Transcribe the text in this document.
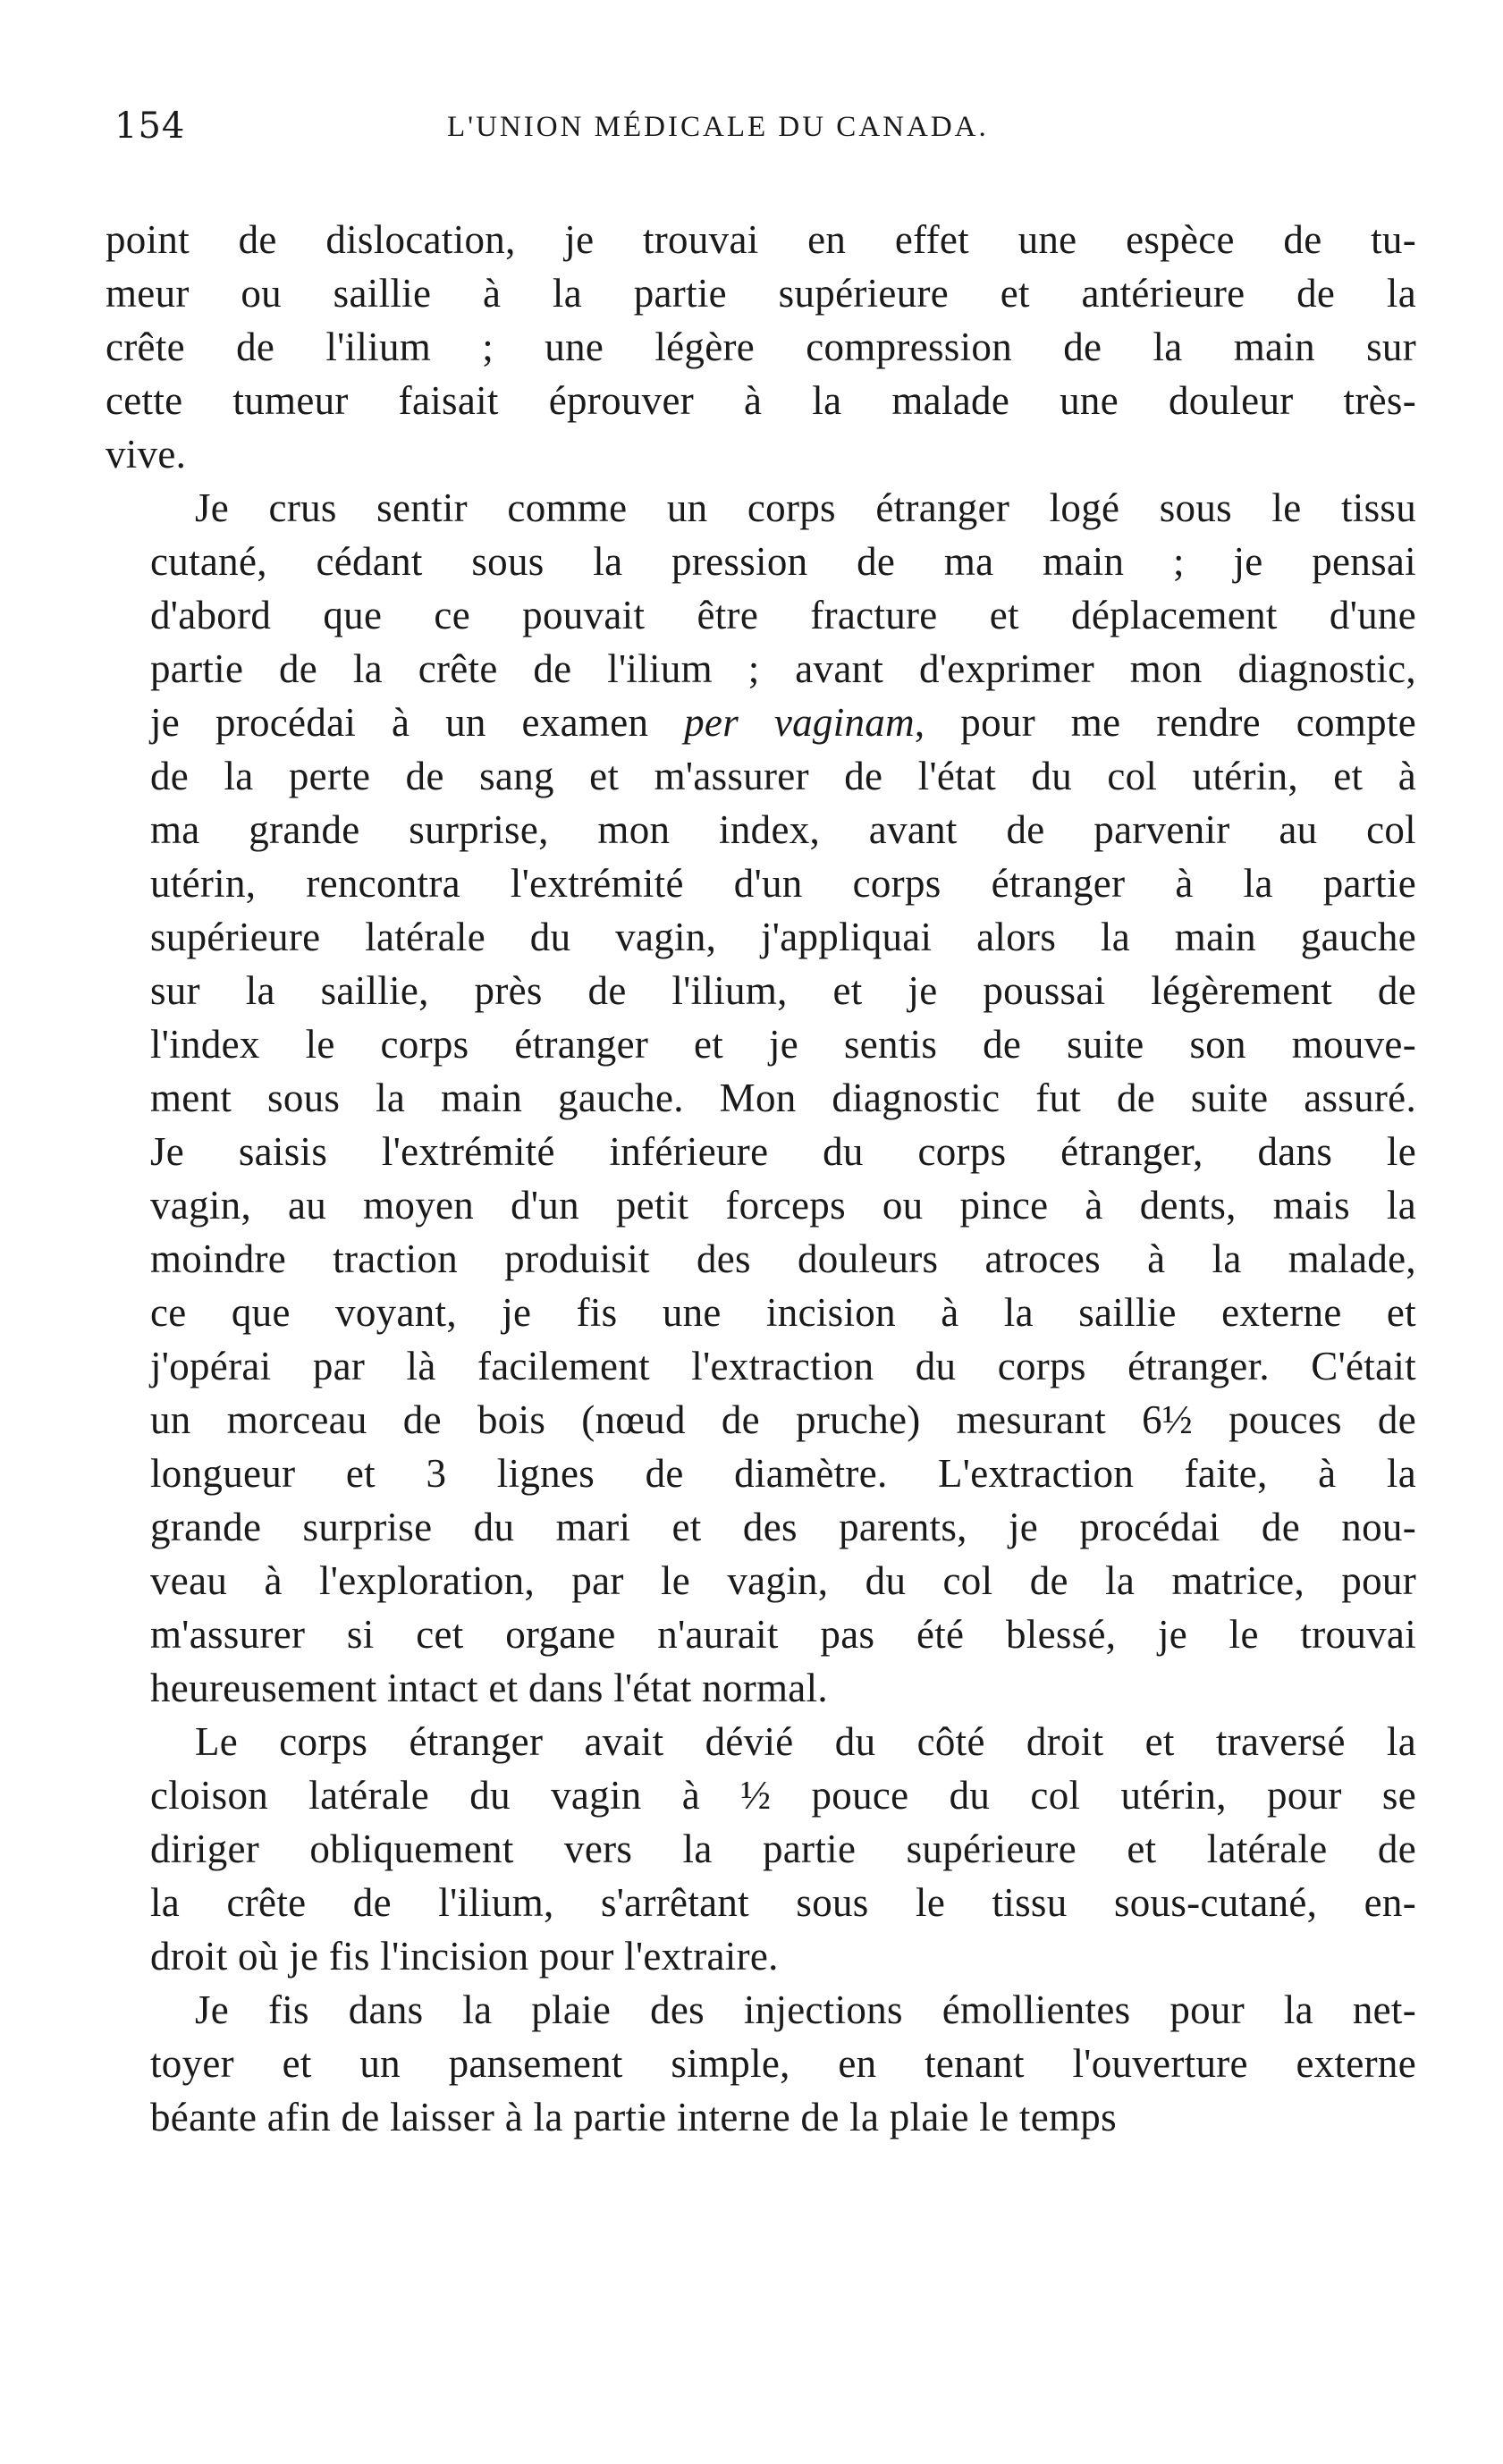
154	L'UNION MÉDICALE DU CANADA.
point de dislocation, je trouvai en effet une espèce de tu-
meur ou saillie à la partie supérieure et antérieure de la
crête de l'ilium ; une légère compression de la main sur
cette tumeur faisait éprouver à la malade une douleur très-
vive.
Je crus sentir comme un corps étranger logé sous le tissu
cutané, cédant sous la pression de ma main ; je pensai
d'abord que ce pouvait être fracture et déplacement d'une
partie de la crête de l'ilium ; avant d'exprimer mon diagnostic,
je procédai à un examen per vaginam, pour me rendre compte
de la perte de sang et m'assurer de l'état du col utérin, et à
ma grande surprise, mon index, avant de parvenir au col
utérin, rencontra l'extrémité d'un corps étranger à la partie
supérieure latérale du vagin, j'appliquai alors la main gauche
sur la saillie, près de l'ilium, et je poussai légèrement de
l'index le corps étranger et je sentis de suite son mouve-
ment sous la main gauche. Mon diagnostic fut de suite assuré.
Je saisis l'extrémité inférieure du corps étranger, dans le
vagin, au moyen d'un petit forceps ou pince à dents, mais la
moindre traction produisit des douleurs atroces à la malade,
ce que voyant, je fis une incision à la saillie externe et
j'opérai par là facilement l'extraction du corps étranger. C'était
un morceau de bois (nœud de pruche) mesurant 6½ pouces de
longueur et 3 lignes de diamètre. L'extraction faite, à la
grande surprise du mari et des parents, je procédai de nou-
veau à l'exploration, par le vagin, du col de la matrice, pour
m'assurer si cet organe n'aurait pas été blessé, je le trouvai
heureusement intact et dans l'état normal.
Le corps étranger avait dévié du côté droit et traversé la
cloison latérale du vagin à ½ pouce du col utérin, pour se
diriger obliquement vers la partie supérieure et latérale de
la crête de l'ilium, s'arrêtant sous le tissu sous-cutané, en-
droit où je fis l'incision pour l'extraire.
Je fis dans la plaie des injections émollientes pour la net-
toyer et un pansement simple, en tenant l'ouverture externe
béante afin de laisser à la partie interne de la plaie le temps
